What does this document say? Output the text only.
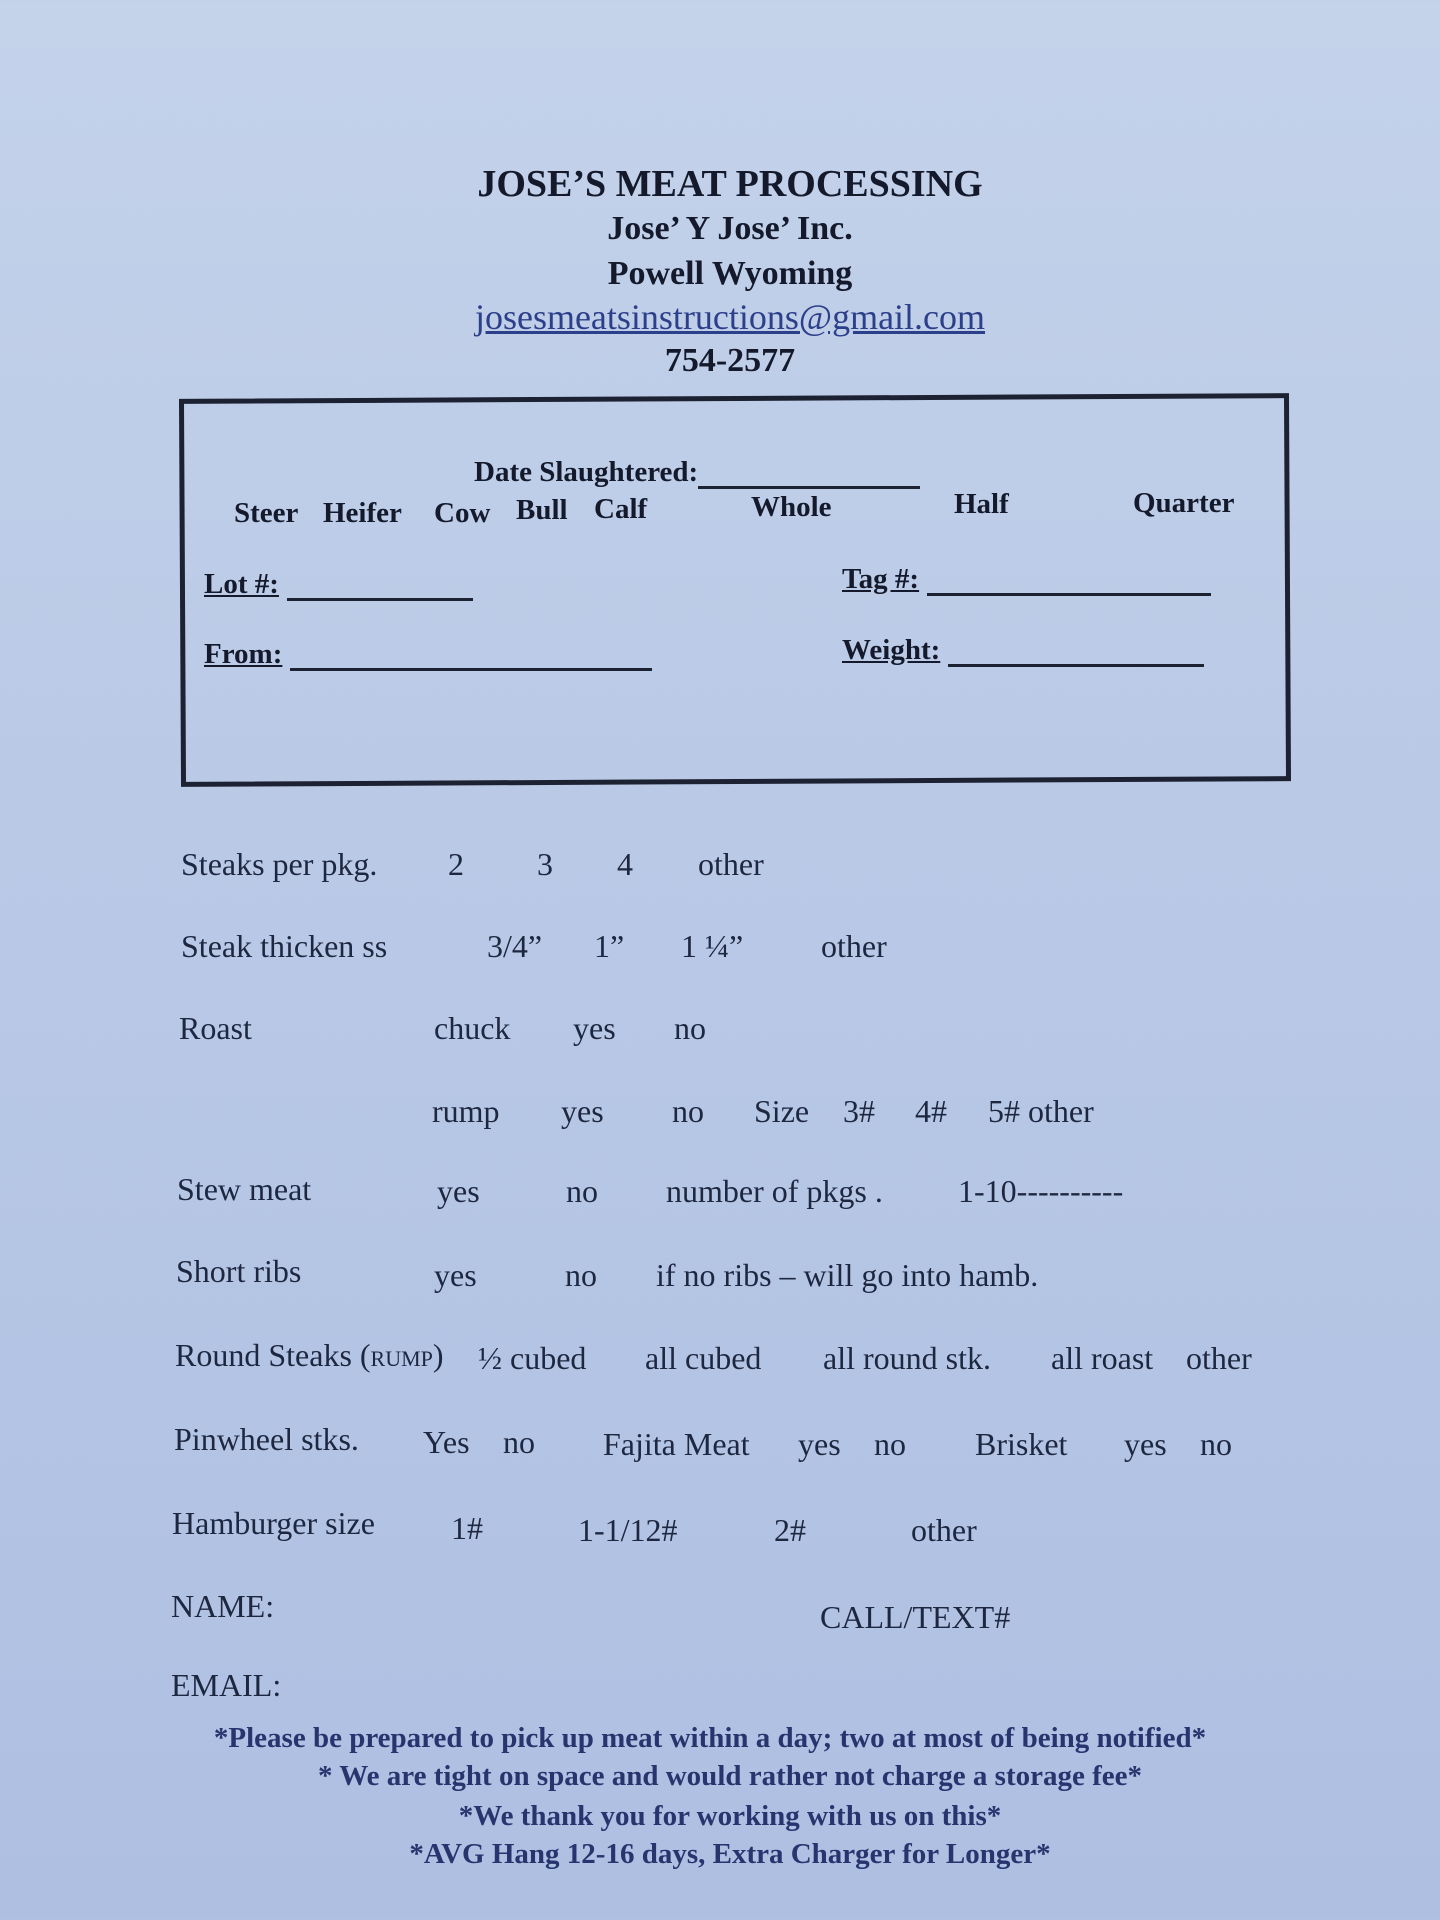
JOSE’S MEAT PROCESSING
Jose’ Y Jose’ Inc.
Powell Wyoming
josesmeatsinstructions@gmail.com
754-2577
Date Slaughtered:
Steer Heifer Cow Bull Calf	Whole	Half	Quarter
Lot #:	Tag #:
From:	Weight:
Steaks per pkg. 2 3 4 other
Steak thicken ss	3/4” 1” 1 ¼” other
Roast	chuck yes no
rump yes no Size 3# 4# 5# other
Stew meat	yes	no number of pkgs . 1-10----------
Short ribs	yes	no if no ribs – will go into hamb.
Round Steaks (RUMP) ½ cubed all cubed all round stk. all roast other
Pinwheel stks. Yes no Fajita Meat yes no Brisket yes no
Hamburger size 1#	1-1/12#	2#	other
NAME:	CALL/TEXT#
EMAIL:
*Please be prepared to pick up meat within a day; two at most of being notified*
* We are tight on space and would rather not charge a storage fee*
*We thank you for working with us on this*
*AVG Hang 12-16 days, Extra Charger for Longer*
